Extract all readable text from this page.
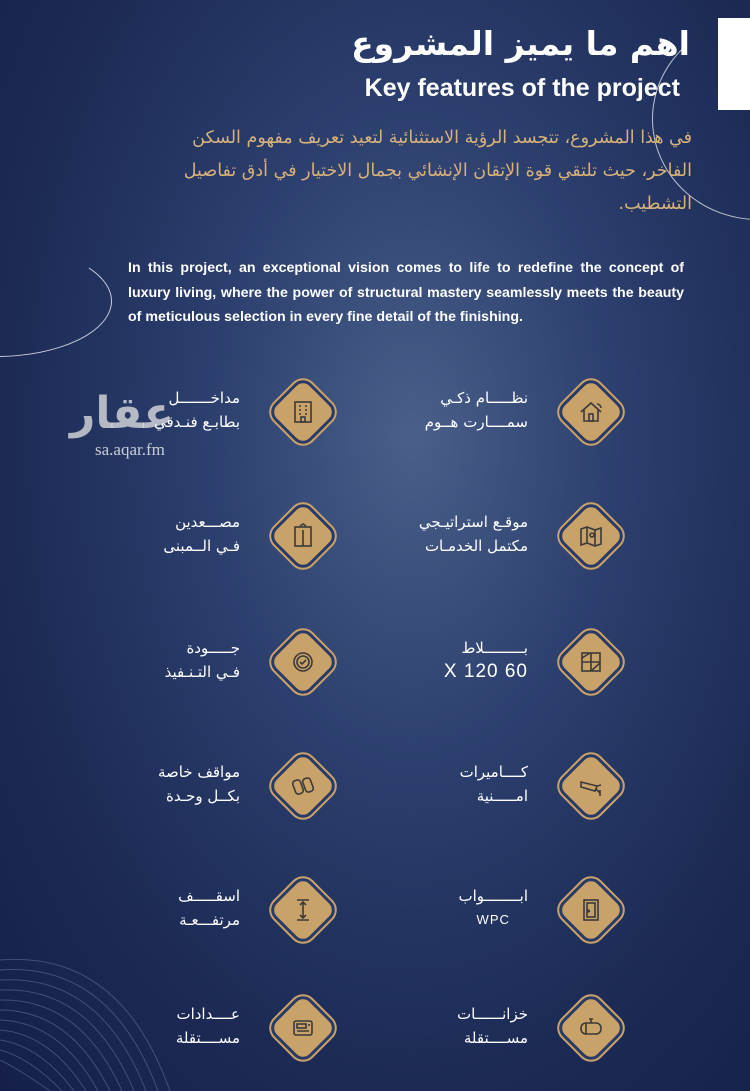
اهم ما يميز المشروع
Key features of the project
في هذا المشروع، تتجسد الرؤية الاستثنائية لتعيد تعريف مفهوم السكن الفاخر، حيث تلتقي قوة الإتقان الإنشائي بجمال الاختيار في أدق تفاصيل التشطيب.
In this project, an exceptional vision comes to life to redefine the concept of luxury living, where the power of structural mastery seamlessly meets the beauty of meticulous selection in every fine detail of the finishing.
عقار
sa.aqar.fm
نظـــــام ذكـي
سمــــارت هــوم
مداخـــــــل
بطابـع فنـدقي
موقـع استراتيـجي
مكتمل الخدمـات
مصـــعدين
فـي الــمبنى
بـــــــــلاط
60 X 120
جـــــودة
فـي التـنـفيذ
كــــاميرات
امـــــنية
مواقف خاصة
بكــل وحـدة
ابــــــــواب
WPC
اسقـــــف
مرتفـــعـة
خزانــــــات
مســــتقلة
عــــدادات
مســــتقلة
